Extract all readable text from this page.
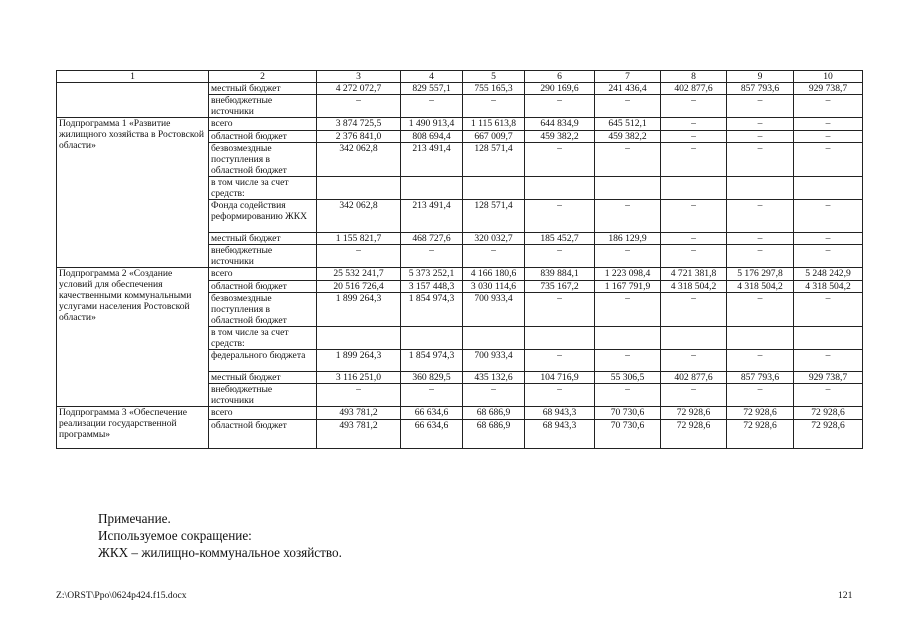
1	2	3	4	5	6	7	8	9	10
	местный бюджет	4 272 072,7	829 557,1	755 165,3	290 169,6	241 436,4	402 877,6	857 793,6	929 738,7
	внебюджетные источники	–	–	–	–	–	–	–	–
Подпрограмма 1 «Развитие жилищного хозяйства в Ростовской области»	всего	3 874 725,5	1 490 913,4	1 115 613,8	644 834,9	645 512,1	–	–	–
	областной бюджет	2 376 841,0	808 694,4	667 009,7	459 382,2	459 382,2	–	–	–
	безвозмездные поступления в областной бюджет	342 062,8	213 491,4	128 571,4	–	–	–	–	–
	в том числе за счет средств:								
	Фонда содействия реформированию ЖКХ	342 062,8	213 491,4	128 571,4	–	–	–	–	–
	местный бюджет	1 155 821,7	468 727,6	320 032,7	185 452,7	186 129,9	–	–	–
	внебюджетные источники	–	–	–	–	–	–	–	–
Подпрограмма 2 «Создание условий для обеспечения качественными коммунальными услугами населения Ростовской области»	всего	25 532 241,7	5 373 252,1	4 166 180,6	839 884,1	1 223 098,4	4 721 381,8	5 176 297,8	5 248 242,9
	областной бюджет	20 516 726,4	3 157 448,3	3 030 114,6	735 167,2	1 167 791,9	4 318 504,2	4 318 504,2	4 318 504,2
	безвозмездные поступления в областной бюджет	1 899 264,3	1 854 974,3	700 933,4	–	–	–	–	–
	в том числе за счет средств:								
	федерального бюджета	1 899 264,3	1 854 974,3	700 933,4	–	–	–	–	–
	местный бюджет	3 116 251,0	360 829,5	435 132,6	104 716,9	55 306,5	402 877,6	857 793,6	929 738,7
	внебюджетные источники	–	–	–	–	–	–	–	–
Подпрограмма 3 «Обеспечение реализации государственной программы»	всего	493 781,2	66 634,6	68 686,9	68 943,3	70 730,6	72 928,6	72 928,6	72 928,6
	областной бюджет	493 781,2	66 634,6	68 686,9	68 943,3	70 730,6	72 928,6	72 928,6	72 928,6
Примечание.
Используемое сокращение:
ЖКХ – жилищно-коммунальное хозяйство.
Z:\ORST\Ppo\0624p424.f15.docx	121
